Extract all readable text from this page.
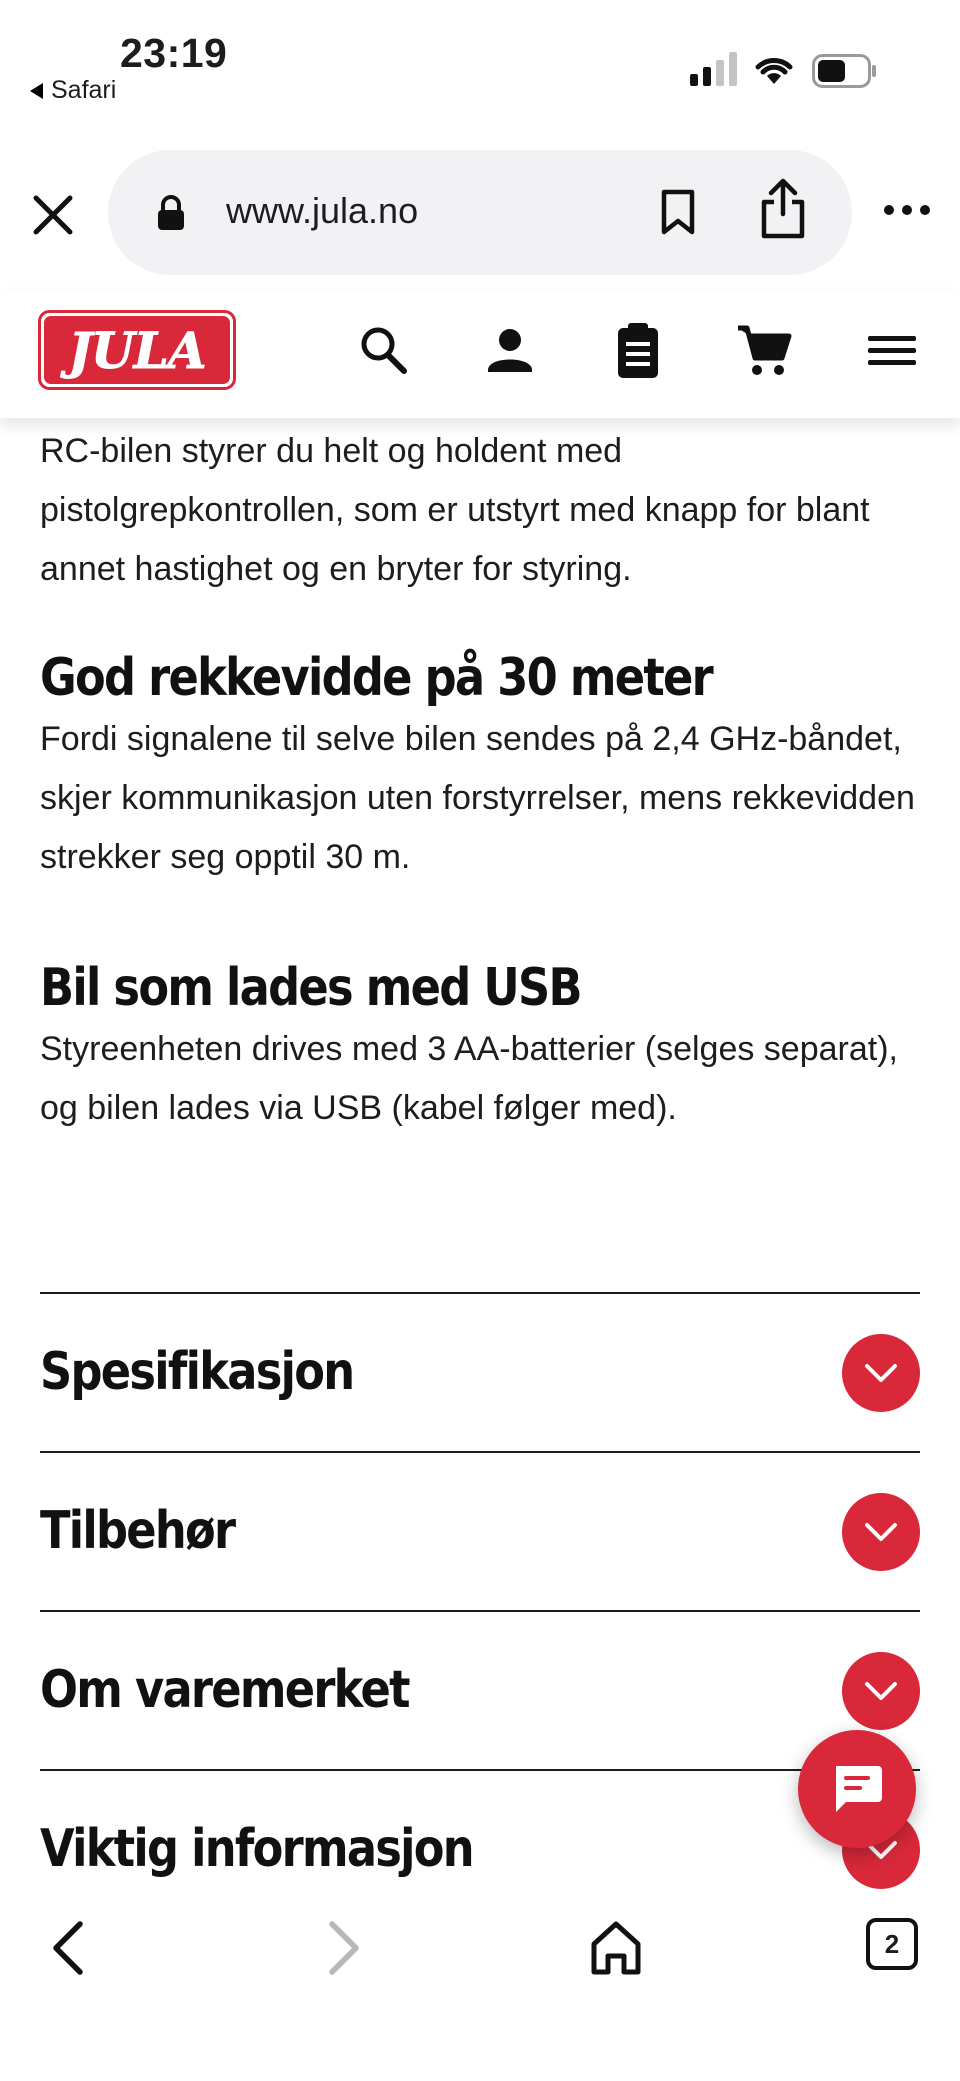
23:19
Safari
www.jula.no
JULA

RC-bilen styrer du helt og holdent med pistolgrepkontrollen, som er utstyrt med knapp for blant annet hastighet og en bryter for styring.

God rekkevidde på 30 meter

Fordi signalene til selve bilen sendes på 2,4 GHz-båndet, skjer kommunikasjon uten forstyrrelser, mens rekkevidden strekker seg opptil 30 m.

Bil som lades med USB

Styreenheten drives med 3 AA-batterier (selges separat), og bilen lades via USB (kabel følger med).

Spesifikasjon
Tilbehør
Om varemerket
Viktig informasjon
2
